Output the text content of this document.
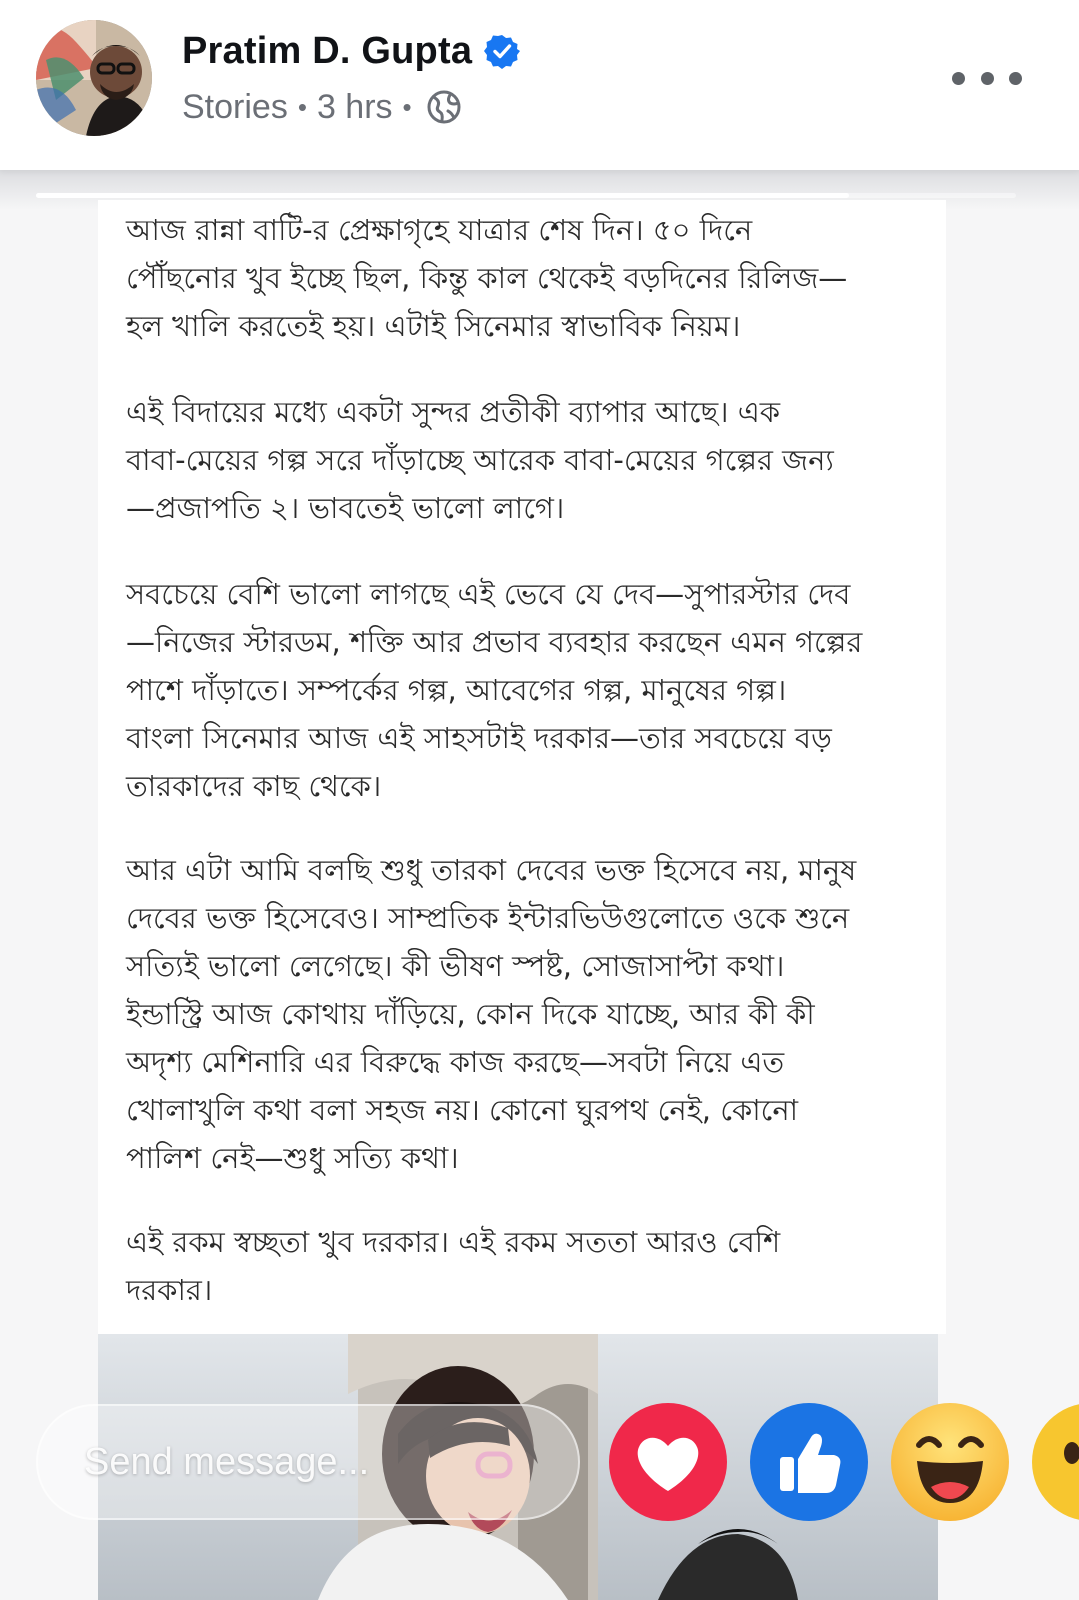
Pratim D. Gupta
Stories • 3 hrs •
আজ রান্না বাটি-র প্রেক্ষাগৃহে যাত্রার শেষ দিন। ৫০ দিনে
পৌঁছনোর খুব ইচ্ছে ছিল, কিন্তু কাল থেকেই বড়দিনের রিলিজ—
হল খালি করতেই হয়। এটাই সিনেমার স্বাভাবিক নিয়ম।
এই বিদায়ের মধ্যে একটা সুন্দর প্রতীকী ব্যাপার আছে। এক
বাবা-মেয়ের গল্প সরে দাঁড়াচ্ছে আরেক বাবা-মেয়ের গল্পের জন্য
—প্রজাপতি ২। ভাবতেই ভালো লাগে।
সবচেয়ে বেশি ভালো লাগছে এই ভেবে যে দেব—সুপারস্টার দেব
—নিজের স্টারডম, শক্তি আর প্রভাব ব্যবহার করছেন এমন গল্পের
পাশে দাঁড়াতে। সম্পর্কের গল্প, আবেগের গল্প, মানুষের গল্প।
বাংলা সিনেমার আজ এই সাহসটাই দরকার—তার সবচেয়ে বড়
তারকাদের কাছ থেকে।
আর এটা আমি বলছি শুধু তারকা দেবের ভক্ত হিসেবে নয়, মানুষ
দেবের ভক্ত হিসেবেও। সাম্প্রতিক ইন্টারভিউগুলোতে ওকে শুনে
সত্যিই ভালো লেগেছে। কী ভীষণ স্পষ্ট, সোজাসাপ্টা কথা।
ইন্ডাস্ট্রি আজ কোথায় দাঁড়িয়ে, কোন দিকে যাচ্ছে, আর কী কী
অদৃশ্য মেশিনারি এর বিরুদ্ধে কাজ করছে—সবটা নিয়ে এত
খোলাখুলি কথা বলা সহজ নয়। কোনো ঘুরপথ নেই, কোনো
পালিশ নেই—শুধু সত্যি কথা।
এই রকম স্বচ্ছতা খুব দরকার। এই রকম সততা আরও বেশি
দরকার।
Send message...
